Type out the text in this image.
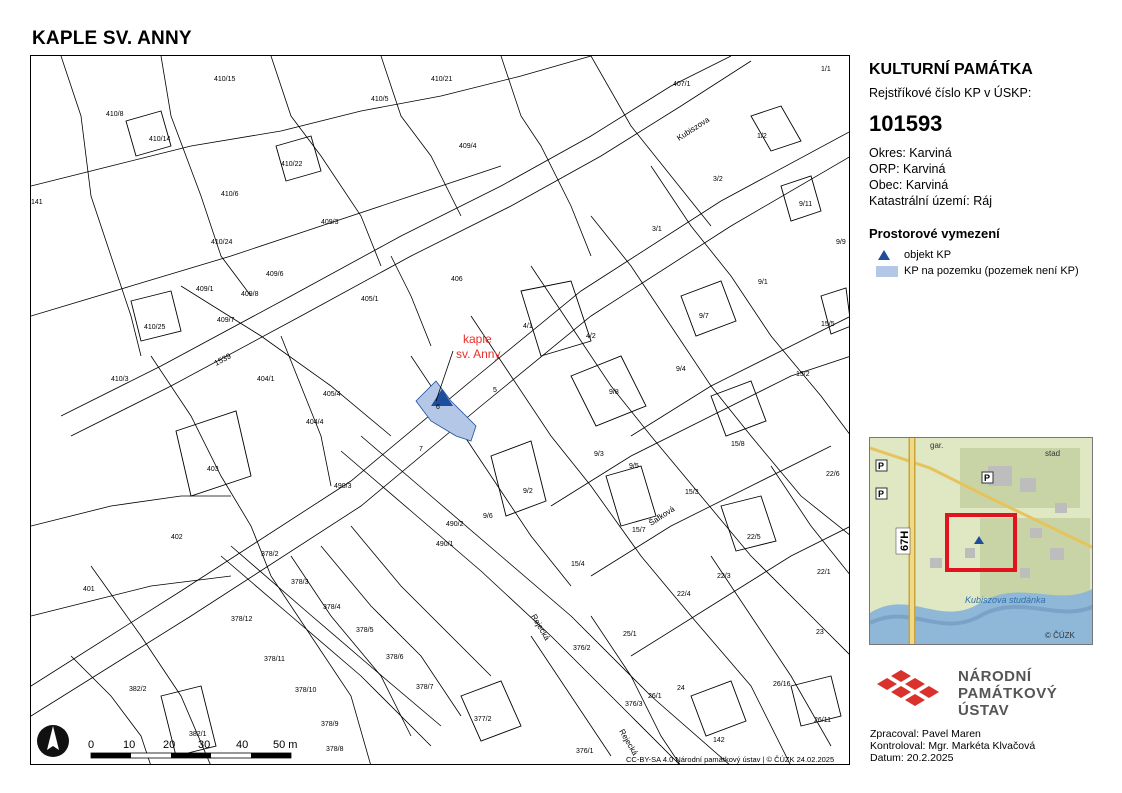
KAPLE SV. ANNY
kaple
sv. Anny
Kubiszova
Šafková
Rejecká
Rejecká
1539
410/15	410/21
410/5
407/1
410/8
410/14
410/22
409/4
410/6
409/3
410/24
409/6
406
409/1
409/8
409/7
405/1
410/25
410/3	404/1
405/4
404/4
4/1
4/2
5
6
7
403
402
490/3
490/2
490/1
401
378/2
378/3
378/4
378/5
378/6
378/7
378/12
378/11
378/10
378/9
378/8
382/2
382/1
377/2
376/2
376/3
376/1
9/8
9/3
9/2
9/6
9/5
9/4
9/7
15/8
15/3
15/7
15/4
15/2
1/1
1/2
3/2
3/1
9/11
9/9
9/1
15/5
22/6
22/5
22/3
22/1
22/4
25/1	23
24
26/1
26/16
26/11
142
141
0	10	20 30 40 50 m
CC-BY-SA 4.0 Národní památkový ústav | © ČÚZK 24.02.2025
KULTURNÍ PAMÁTKA
Rejstříkové číslo KP v ÚSKP:
101593
Okres: Karviná
ORP: Karviná
Obec: Karviná
Katastrální území: Ráj
Prostorové vymezení
objekt KP
KP na pozemku (pozemek není KP)
67H
Kubiszova studánka
stad
gar.
© ČÚZK
P
P
P
NÁRODNÍ
PAMÁTKOVÝ
ÚSTAV
Zpracoval: Pavel Maren
Kontroloval: Mgr. Markéta Klvačová
Datum: 20.2.2025
